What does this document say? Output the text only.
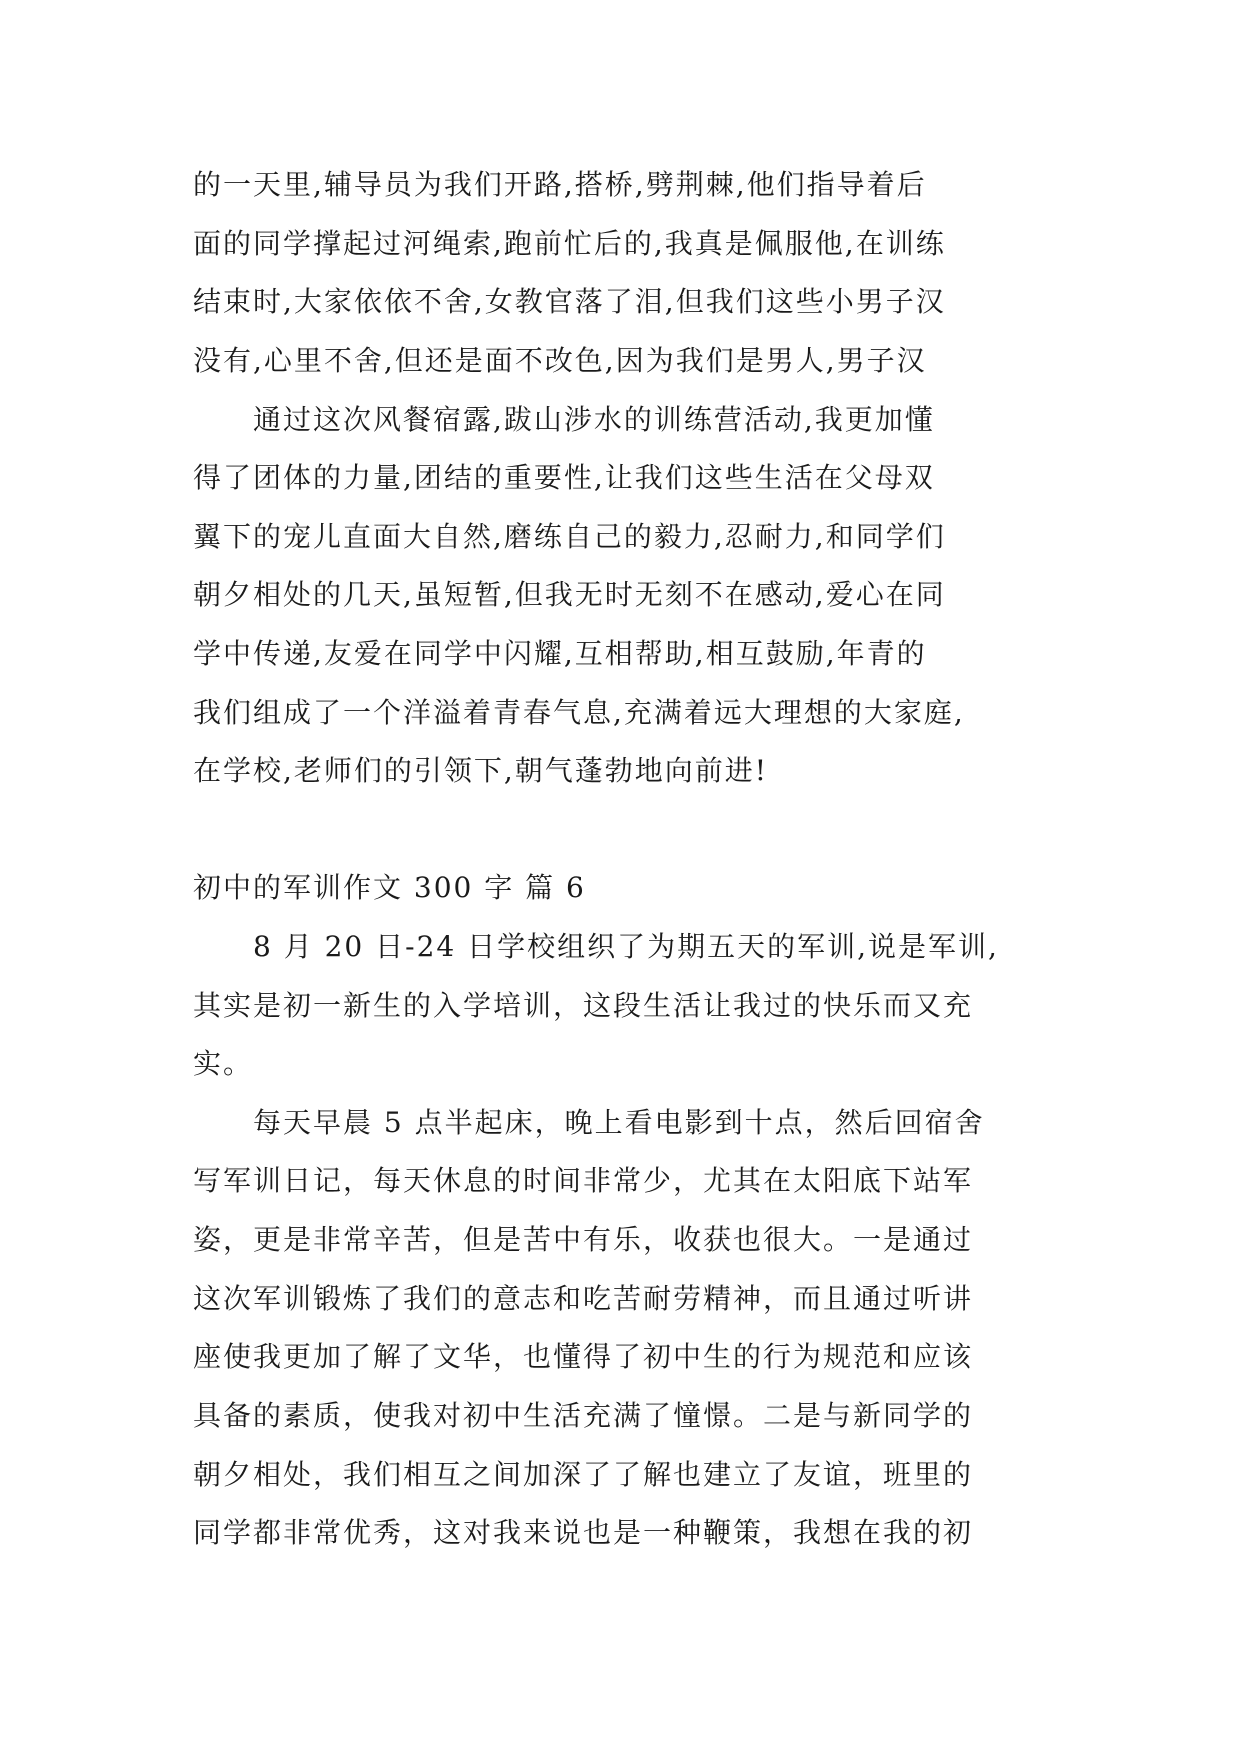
的一天里,辅导员为我们开路,搭桥,劈荆棘,他们指导着后
面的同学撑起过河绳索,跑前忙后的,我真是佩服他,在训练
结束时,大家依依不舍,女教官落了泪,但我们这些小男子汉
没有,心里不舍,但还是面不改色,因为我们是男人,男子汉
通过这次风餐宿露,跋山涉水的训练营活动,我更加懂
得了团体的力量,团结的重要性,让我们这些生活在父母双
翼下的宠儿直面大自然,磨练自己的毅力,忍耐力,和同学们
朝夕相处的几天,虽短暂,但我无时无刻不在感动,爱心在同
学中传递,友爱在同学中闪耀,互相帮助,相互鼓励,年青的
我们组成了一个洋溢着青春气息,充满着远大理想的大家庭,
在学校,老师们的引领下,朝气蓬勃地向前进!
初中的军训作文 300 字 篇 6
8 月 20 日-24 日学校组织了为期五天的军训,说是军训,
其实是初一新生的入学培训，这段生活让我过的快乐而又充
实。
每天早晨 5 点半起床，晚上看电影到十点，然后回宿舍
写军训日记，每天休息的时间非常少，尤其在太阳底下站军
姿，更是非常辛苦，但是苦中有乐，收获也很大。一是通过
这次军训锻炼了我们的意志和吃苦耐劳精神，而且通过听讲
座使我更加了解了文华，也懂得了初中生的行为规范和应该
具备的素质，使我对初中生活充满了憧憬。二是与新同学的
朝夕相处，我们相互之间加深了了解也建立了友谊，班里的
同学都非常优秀，这对我来说也是一种鞭策，我想在我的初
